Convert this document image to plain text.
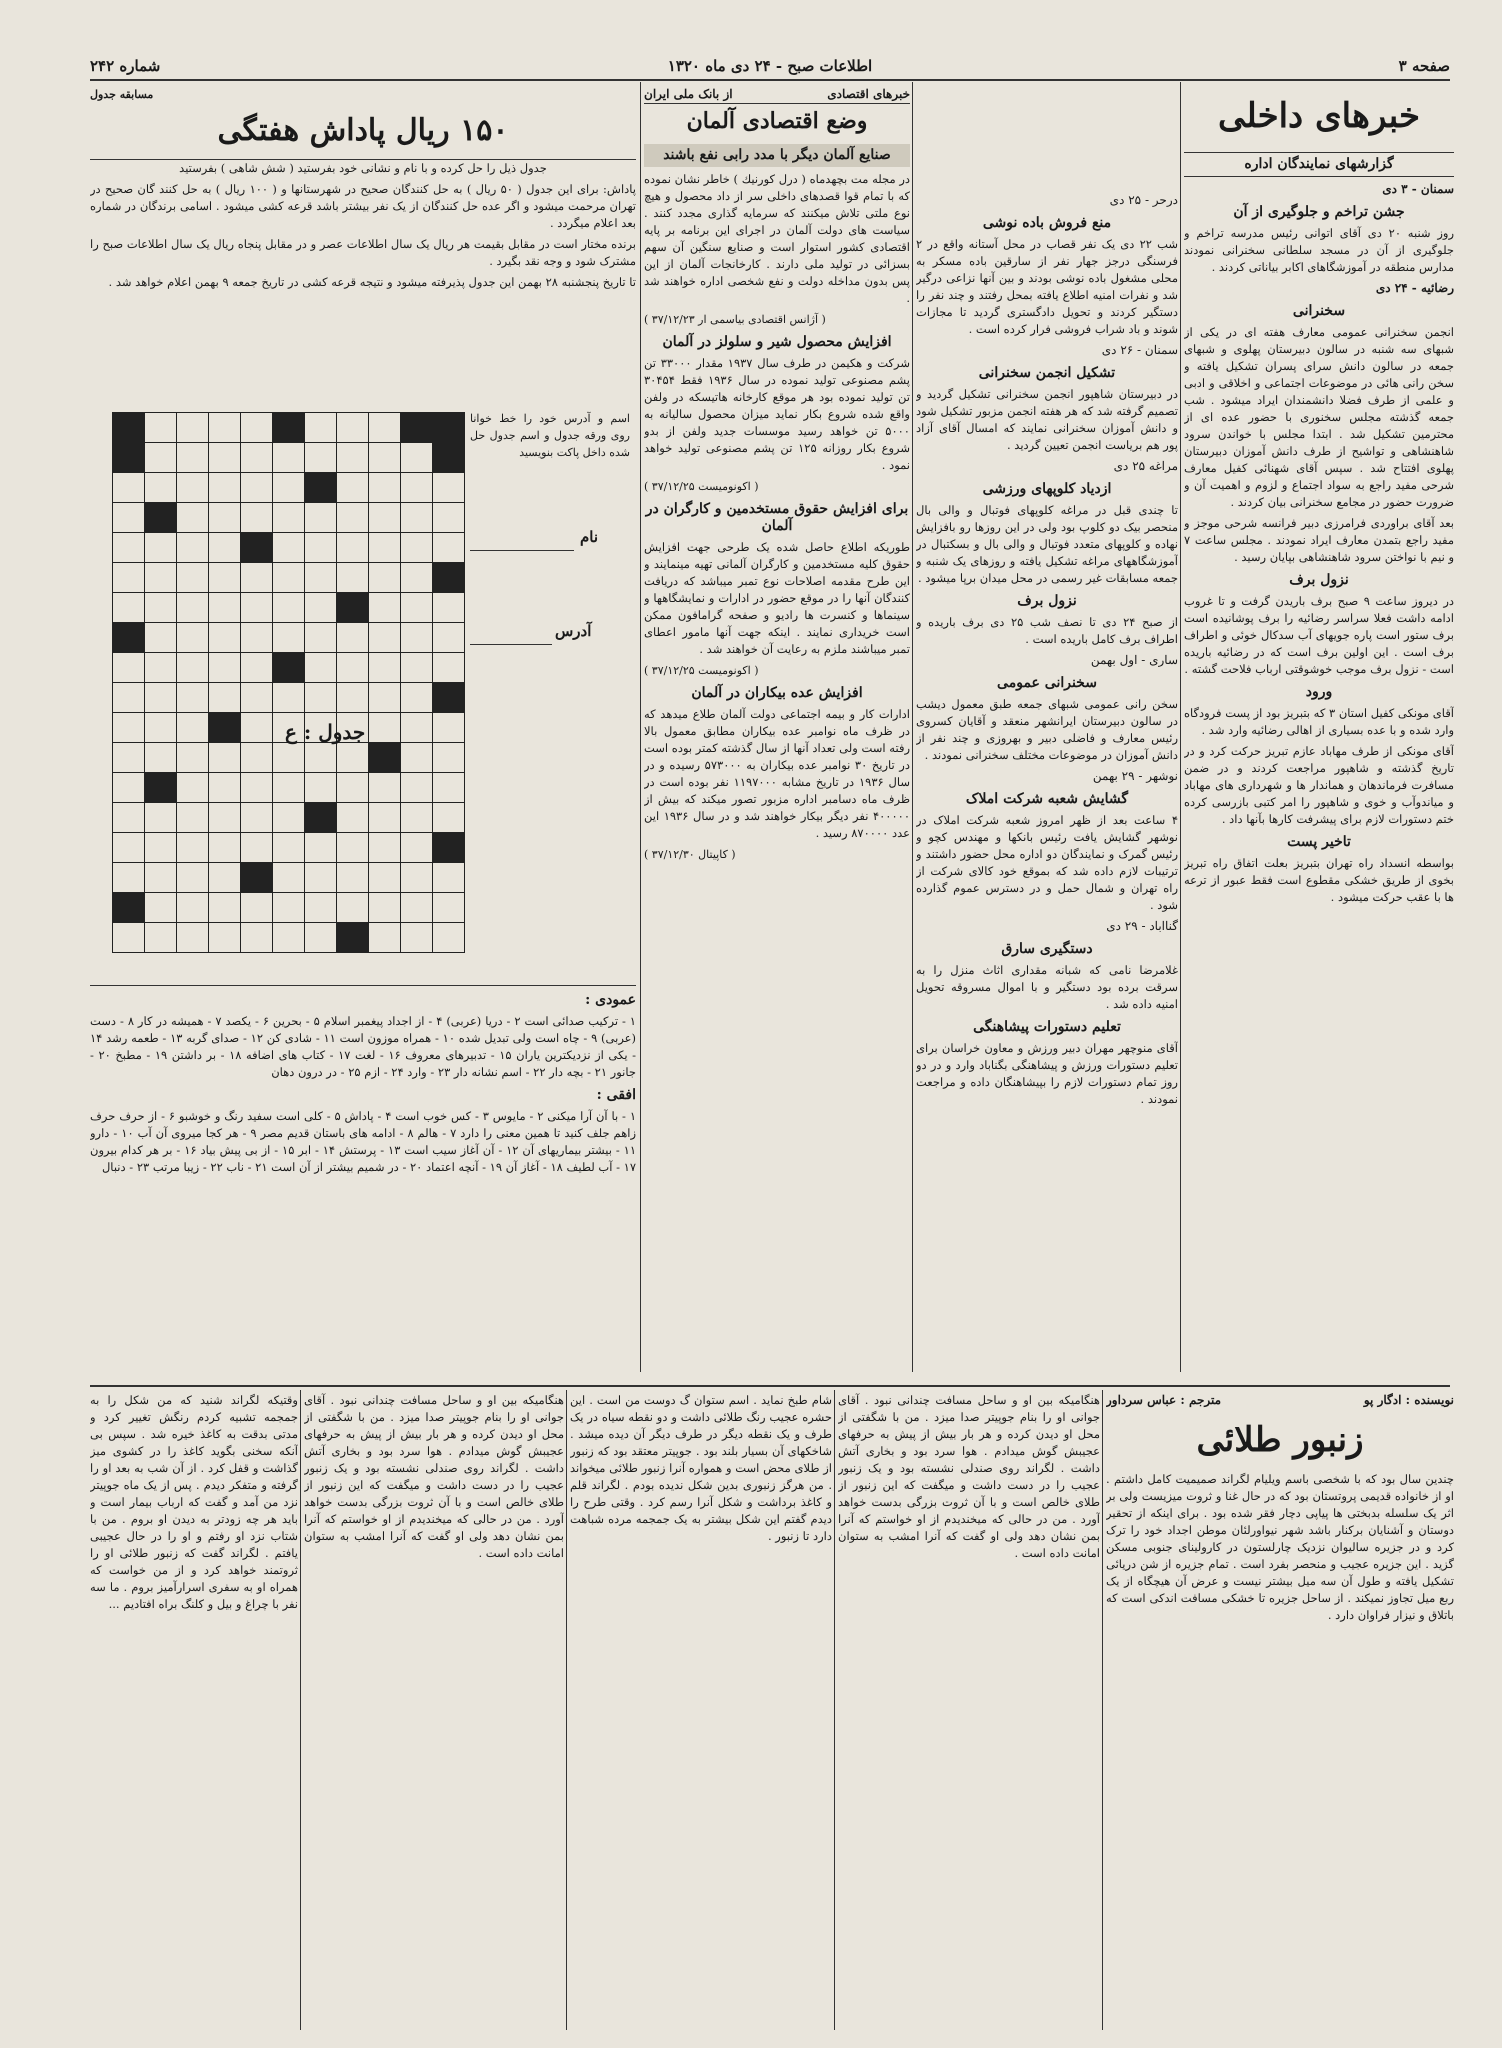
صفحه ۳
اطلاعات صبح - ۲۴ دی ماه ۱۳۲۰
شماره ۲۴۲
خبرهای داخلی
گزارشهای نمایندگان اداره
سمنان - ۳ دی
جشن تراخم و جلوگیری از آن

روز شنبه ۲۰ دی آقای اتوانی رئیس مدرسه تراخم و جلوگیری از آن در مسجد سلطانی سخنرانی نمودند مدارس منطقه در آموزشگاهای اکابر بیاناتی کردند .

رضائیه - ۲۴ دی
سخنرانی

انجمن سخنرانی عمومی معارف هفته ای در یکی از شبهای سه شنبه در سالون دبیرستان پهلوی و شبهای جمعه در سالون دانش سرای پسران تشکیل یافته و سخن رانی هائی در موضوعات اجتماعی و اخلاقی و ادبی و علمی از طرف فضلا دانشمندان ایراد میشود . شب جمعه گذشته مجلس سخنوری با حضور عده ای از محترمین تشکیل شد . ابتدا مجلس با خواندن سرود شاهنشاهی و تواشیح از طرف دانش آموزان دبیرستان پهلوی افتتاح شد . سپس آقای شهنائی کفیل معارف شرحی مفید راجع به سواد اجتماع و لزوم و اهمیت آن و ضرورت حضور در مجامع سخنرانی بیان کردند .

بعد آقای براوردی فرامرزی دبیر فرانسه شرحی موجز و مفید راجع بتمدن معارف ایراد نمودند . مجلس ساعت ۷ و نیم با نواختن سرود شاهنشاهی بپایان رسید .

نزول برف

در دیروز ساعت ۹ صبح برف باریدن گرفت و تا غروب ادامه داشت فعلا سراسر رضائیه را برف پوشانیده است برف ستور است پاره جویهای آب سدکال خوئی و اطراف برف است . این اولین برف است که در رضائیه باریده است - نزول برف موجب خوشوقتی ارباب فلاحت گشته .

ورود

آقای مونکی کفیل استان ۳ که بتبریز بود از پست فرودگاه وارد شده و با عده بسیاری از اهالی رضائیه وارد شد .

آقای مونکی از طرف مهاباد عازم تبریز حرکت کرد و در تاریخ گذشته و شاهپور مراجعت کردند و در ضمن مسافرت فرماندهان و هماندار ها و شهرداری های مهاباد و میاندوآب و خوی و شاهپور را امر کتبی بازرسی کرده ختم دستورات لازم برای پیشرفت کارها بآنها داد .

تاخیر پست

بواسطه انسداد راه تهران بتبریز بعلت اتفاق راه تبریز بخوی از طریق خشکی مقطوع است فقط عبور از ترعه ها با عقب حرکت میشود .

درحر - ۲۵ دی
منع فروش باده نوشی

شب ۲۲ دی یک نفر قصاب در محل آستانه واقع در ۲ فرسنگی درجز جهار نفر از سارقین باده مسکر به محلی مشغول باده نوشی بودند و بین آنها نزاعی درگیر شد و نفرات امنیه اطلاع یافته بمحل رفتند و چند نفر را دستگیر کردند و تحویل دادگستری گردید تا مجازات شوند و باد شراب فروشی فرار کرده است .

سمنان - ۲۶ دی
تشکیل انجمن سخنرانی

در دبیرستان شاهپور انجمن سخنرانی تشکیل گردید و تصمیم گرفته شد که هر هفته انجمن مزبور تشکیل شود و دانش آموزان سخنرانی نمایند که امسال آقای آزاد پور هم بریاست انجمن تعیین گردید .

مراغه ۲۵ دی
ازدیاد کلوپهای ورزشی

تا چندی قبل در مراغه کلوپهای فوتبال و والی بال منحصر بیک دو کلوپ بود ولی در این روزها رو بافزایش نهاده و کلوپهای متعدد فوتبال و والی بال و بسکتبال در آموزشگاههای مراغه تشکیل یافته و روزهای یک شنبه و جمعه مسابقات غیر رسمی در محل میدان برپا میشود .

نزول برف

از صبح ۲۴ دی تا نصف شب ۲۵ دی برف باریده و اطراف برف کامل باریده است .

ساری - اول بهمن
سخنرانی عمومی

سخن رانی عمومی شبهای جمعه طبق معمول دیشب در سالون دبیرستان ایرانشهر منعقد و آقایان کسروی رئیس معارف و فاضلی دبیر و بهروزی و چند نفر از دانش آموزان در موضوعات مختلف سخنرانی نمودند .

نوشهر - ۲۹ بهمن
گشایش شعبه شرکت املاک

۴ ساعت بعد از ظهر امروز شعبه شرکت املاک در نوشهر گشایش یافت رئیس بانکها و مهندس کچو و رئیس گمرک و نمایندگان دو اداره محل حضور داشتند و ترتیبات لازم داده شد که بموقع خود کالای شرکت از راه تهران و شمال حمل و در دسترس عموم گذارده شود .

گنااباد - ۲۹ دی
دستگیری سارق

غلامرضا نامی که شبانه مقداری اثاث منزل را به سرقت برده بود دستگیر و با اموال مسروقه تحویل امنیه داده شد .

تعلیم دستورات پیشاهنگی

آقای منوچهر مهران دبیر ورزش و معاون خراسان برای تعلیم دستورات ورزش و پیشاهنگی بگناباد وارد و در دو روز تمام دستورات لازم را بپیشاهنگان داده و مراجعت نمودند .

خبرهای اقتصادی
از بانک ملی ایران
وضع اقتصادی آلمان
صنایع آلمان دیگر با مدد رابی نفع باشند

در مجله مت بچهدماه ( درل کورنیك ) خاطر نشان نموده که با تمام قوا قصدهای داخلی سر از داد محصول و هیچ نوع ملتی تلاش میکنند که سرمایه گذاری مجدد کنند . سیاست های دولت آلمان در اجرای این برنامه بر پایه اقتصادی کشور استوار است و صنایع سنگین آن سهم بسزائی در تولید ملی دارند . کارخانجات آلمان از این پس بدون مداخله دولت و نفع شخصی اداره خواهند شد .

( آژانس اقتصادی بیاسمی ار ۳۷/۱۲/۲۳ )

افزایش محصول شیر و سلولز در آلمان

شرکت و هکیمن در طرف سال ۱۹۳۷ مقدار ۳۳۰۰۰ تن پشم مصنوعی تولید نموده در سال ۱۹۳۶ فقط ۳۰۴۵۴ تن تولید نموده بود هر موقع کارخانه هاتیسکه در ولفن واقع شده شروع بکار نماید میزان محصول سالیانه به ۵۰۰۰ تن خواهد رسید موسسات جدید ولفن از بدو شروع بکار روزانه ۱۲۵ تن پشم مصنوعی تولید خواهد نمود .

( اکونومیست ۳۷/۱۲/۲۵ )

برای افزایش حقوق مستخدمین و کارگران در آلمان

طوریکه اطلاع حاصل شده یک طرحی جهت افزایش حقوق کلیه مستخدمین و کارگران آلمانی تهیه مینمایند و این طرح مقدمه اصلاحات نوع تمبر میباشد که دریافت کنندگان آنها را در موقع حضور در ادارات و نمایشگاهها و سینماها و کنسرت ها رادیو و صفحه گرامافون ممکن است خریداری نمایند . اینکه جهت آنها مامور اعطای تمبر میباشند ملزم به رعایت آن خواهند شد .

( اکونومیست ۳۷/۱۲/۲۵ )

افزایش عده بیکاران در آلمان

ادارات کار و بیمه اجتماعی دولت آلمان طلاع میدهد که در ظرف ماه نوامبر عده بیکاران مطابق معمول بالا رفته است ولی تعداد آنها از سال گذشته کمتر بوده است در تاریخ ۳۰ نوامبر عده بیکاران به ۵۷۳۰۰۰ رسیده و در سال ۱۹۳۶ در تاریخ مشابه ۱۱۹۷۰۰۰ نفر بوده است در ظرف ماه دسامبر اداره مزبور تصور میکند که بیش از ۴۰۰۰۰۰ نفر دیگر بیکار خواهند شد و در سال ۱۹۳۶ این عدد ۸۷۰۰۰۰ رسید .

( کاپیتال ۳۷/۱۲/۳۰ )

مسابقه جدول
۱۵۰ ریال پاداش هفتگی

جدول ذیل را حل کرده و با نام و نشانی خود بفرستید ( شش شاهی ) بفرستید

پاداش: برای این جدول ( ۵۰ ریال ) به حل کنندگان صحیح در شهرستانها و ( ۱۰۰ ریال ) به حل کنند گان صحیح در تهران مرحمت میشود و اگر عده حل کنندگان از یک نفر بیشتر باشد قرعه کشی میشود . اسامی برندگان در شماره بعد اعلام میگردد .

برنده مختار است در مقابل بقیمت هر ریال یک سال اطلاعات عصر و در مقابل پنجاه ریال یک سال اطلاعات صبح را مشترک شود و وجه نقد بگیرد .

تا تاریخ پنجشنبه ۲۸ بهمن این جدول پذیرفته میشود و نتیجه قرعه کشی در تاریخ جمعه ۹ بهمن اعلام خواهد شد .

اسم و آدرس خود را خط خوانا روی ورقه جدول و اسم جدول حل شده داخل پاکت بنویسید
نام
آدرس

جدول : ع
عمودی :

۱ - ترکیب صدائی است ۲ - دریا (عربی) ۴ - از اجداد پیغمبر اسلام ۵ - بحرین ۶ - یکصد ۷ - همیشه در کار ۸ - دست (عربی) ۹ - چاه است ولی تبدیل شده ۱۰ - همراه موزون است ۱۱ - شادی کن ۱۲ - صدای گربه ۱۳ - طعمه رشد ۱۴ - یکی از نزدیکترین یاران ۱۵ - تدبیرهای معروف ۱۶ - لغت ۱۷ - کتاب های اضافه ۱۸ - بر داشتن ۱۹ - مطبخ ۲۰ - جانور ۲۱ - بچه دار ۲۲ - اسم نشانه دار ۲۳ - وارد ۲۴ - ازم ۲۵ - در درون دهان

افقی :

۱ - با آن آرا میکنی ۲ - مایوس ۳ - کس خوب است ۴ - پاداش ۵ - کلی است سفید رنگ و خوشبو ۶ - از حرف حرف زاهم جلف کنید تا همین معنی را دارد ۷ - هالم ۸ - ادامه های باستان قدیم مصر ۹ - هر کجا میروی آن آب ۱۰ - دارو ۱۱ - بیشتر بیماریهای آن ۱۲ - آن آغاز سیب است ۱۳ - پرستش ۱۴ - ابر ۱۵ - از بی پیش بیاد ۱۶ - بر هر کدام بیرون ۱۷ - آب لطیف ۱۸ - آغاز آن ۱۹ - آنچه اعتماد ۲۰ - در شمیم بیشتر از آن است ۲۱ - ناب ۲۲ - زیبا مرتب ۲۳ - دنبال

نویسنده : ادگار پو
مترجم : عباس سرداور
زنبور طلائی

چندین سال بود که با شخصی باسم ویلیام لگراند صمیمیت کامل داشتم . او از خانواده قدیمی پروتستان بود که در حال غنا و ثروت میزیست ولی بر اثر یک سلسله بدبختی ها پیاپی دچار فقر شده بود . برای اینکه از تحقیر دوستان و آشنایان برکنار باشد شهر نیواورلئان موطن اجداد خود را ترک کرد و در جزیره سالیوان نزدیک چارلستون در کارولینای جنوبی مسکن گزید . این جزیره عجیب و منحصر بفرد است . تمام جزیره از شن دریائی تشکیل یافته و طول آن سه میل بیشتر نیست و عرض آن هیچگاه از یک ربع میل تجاوز نمیکند . از ساحل جزیره تا خشکی مسافت اندکی است که باتلاق و نیزار فراوان دارد .

هنگامیکه بین او و ساحل مسافت چندانی نبود . آقای جوانی او را بنام جوپیتر صدا میزد . من با شگفتی از محل او دیدن کرده و هر بار بیش از پیش به حرفهای عجیبش گوش میدادم . هوا سرد بود و بخاری آتش داشت . لگراند روی صندلی نشسته بود و یک زنبور عجیب را در دست داشت و میگفت که این زنبور از طلای خالص است و با آن ثروت بزرگی بدست خواهد آورد . من در حالی که میخندیدم از او خواستم که آنرا بمن نشان دهد ولی او گفت که آنرا امشب به ستوان امانت داده است .

شام طبخ نماید . اسم ستوان گ دوست من است . این حشره عجیب رنگ طلائی داشت و دو نقطه سیاه در یک طرف و یک نقطه دیگر در طرف دیگر آن دیده میشد . شاخکهای آن بسیار بلند بود . جوپیتر معتقد بود که زنبور از طلای محض است و همواره آنرا زنبور طلائی میخواند . من هرگز زنبوری بدین شکل ندیده بودم . لگراند قلم و کاغذ برداشت و شکل آنرا رسم کرد . وقتی طرح را دیدم گفتم این شکل بیشتر به یک جمجمه مرده شباهت دارد تا زنبور .

وقتیکه لگراند شنید که من شکل را به جمجمه تشبیه کردم رنگش تغییر کرد و مدتی بدقت به کاغذ خیره شد . سپس بی آنکه سخنی بگوید کاغذ را در کشوی میز گذاشت و قفل کرد . از آن شب به بعد او را گرفته و متفکر دیدم . پس از یک ماه جوپیتر نزد من آمد و گفت که ارباب بیمار است و باید هر چه زودتر به دیدن او بروم . من با شتاب نزد او رفتم و او را در حال عجیبی یافتم . لگراند گفت که زنبور طلائی او را ثروتمند خواهد کرد و از من خواست که همراه او به سفری اسرارآمیز بروم . ما سه نفر با چراغ و بیل و کلنگ براه افتادیم ...

هنگامیکه بین او و ساحل مسافت چندانی نبود . آقای جوانی او را بنام جوپیتر صدا میزد . من با شگفتی از محل او دیدن کرده و هر بار بیش از پیش به حرفهای عجیبش گوش میدادم . هوا سرد بود و بخاری آتش داشت . لگراند روی صندلی نشسته بود و یک زنبور عجیب را در دست داشت و میگفت که این زنبور از طلای خالص است و با آن ثروت بزرگی بدست خواهد آورد . من در حالی که میخندیدم از او خواستم که آنرا بمن نشان دهد ولی او گفت که آنرا امشب به ستوان امانت داده است .
